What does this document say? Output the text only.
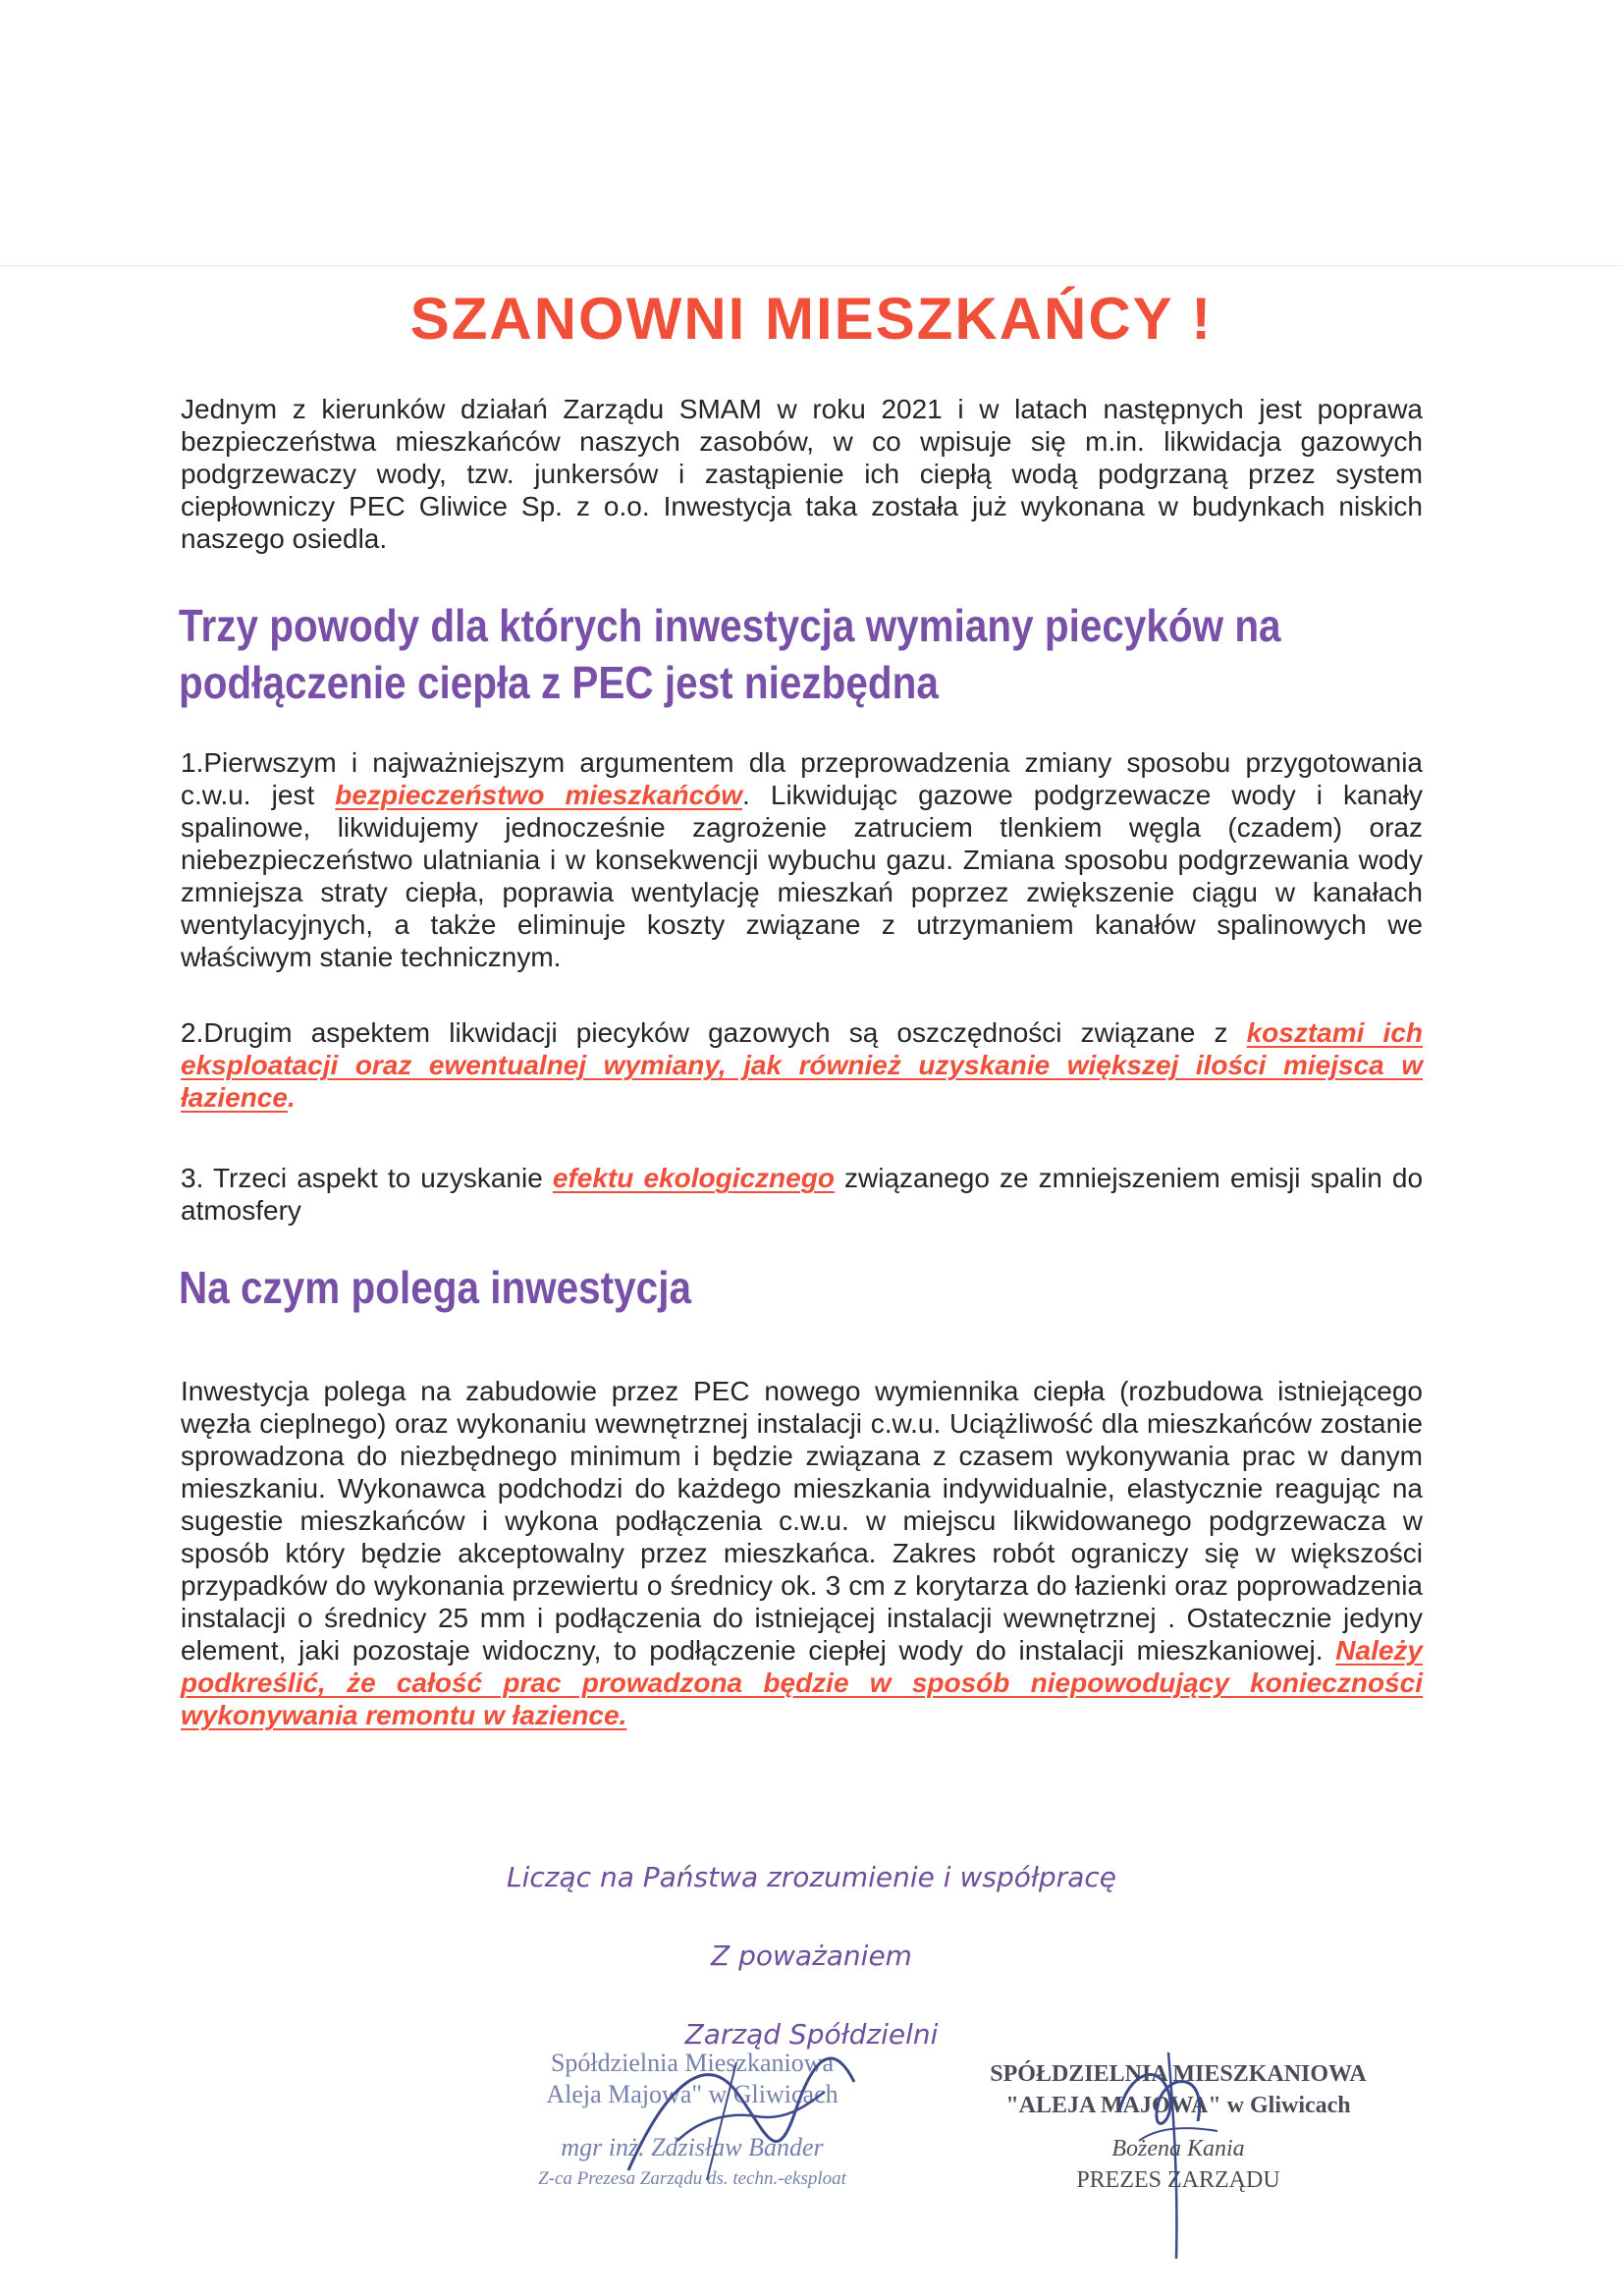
SZANOWNI MIESZKAŃCY !
Jednym z kierunków działań Zarządu SMAM w roku 2021 i w latach następnych jest poprawa bezpieczeństwa mieszkańców naszych zasobów, w co wpisuje się m.in. likwidacja gazowych podgrzewaczy wody, tzw. junkersów i zastąpienie ich ciepłą wodą podgrzaną przez system ciepłowniczy PEC Gliwice Sp. z o.o. Inwestycja taka została już wykonana w budynkach niskich naszego osiedla.
Trzy powody dla których inwestycja wymiany piecyków na podłączenie ciepła z PEC jest niezbędna
1.Pierwszym i najważniejszym argumentem dla przeprowadzenia zmiany sposobu przygotowania c.w.u. jest bezpieczeństwo mieszkańców. Likwidując gazowe podgrzewacze wody i kanały spalinowe, likwidujemy jednocześnie zagrożenie zatruciem tlenkiem węgla (czadem) oraz niebezpieczeństwo ulatniania i w konsekwencji wybuchu gazu. Zmiana sposobu podgrzewania wody zmniejsza straty ciepła, poprawia wentylację mieszkań poprzez zwiększenie ciągu w kanałach wentylacyjnych, a także eliminuje koszty związane z utrzymaniem kanałów spalinowych we właściwym stanie technicznym.
2.Drugim aspektem likwidacji piecyków gazowych są oszczędności związane z kosztami ich eksploatacji oraz ewentualnej wymiany, jak również uzyskanie większej ilości miejsca w łazience.
3. Trzeci aspekt to uzyskanie efektu ekologicznego związanego ze zmniejszeniem emisji spalin do atmosfery
Na czym polega inwestycja
Inwestycja polega na zabudowie przez PEC nowego wymiennika ciepła (rozbudowa istniejącego węzła cieplnego) oraz wykonaniu wewnętrznej instalacji c.w.u. Uciążliwość dla mieszkańców zostanie sprowadzona do niezbędnego minimum i będzie związana z czasem wykonywania prac w danym mieszkaniu. Wykonawca podchodzi do każdego mieszkania indywidualnie, elastycznie reagując na sugestie mieszkańców i wykona podłączenia c.w.u. w miejscu likwidowanego podgrzewacza w sposób który będzie akceptowalny przez mieszkańca. Zakres robót ograniczy się w większości przypadków do wykonania przewiertu o średnicy ok. 3 cm z korytarza do łazienki oraz poprowadzenia instalacji o średnicy 25 mm i podłączenia do istniejącej instalacji wewnętrznej . Ostatecznie jedyny element, jaki pozostaje widoczny, to podłączenie ciepłej wody do instalacji mieszkaniowej. Należy podkreślić, że całość prac prowadzona będzie w sposób niepowodujący konieczności wykonywania remontu w łazience.
Licząc na Państwa zrozumienie i współpracę
Z poważaniem
Zarząd Spółdzielni
Spółdzielnia Mieszkaniowa
Aleja Majowa" w Gliwicach
mgr inż. Zdzisław Bander
Z-ca Prezesa Zarządu ds. techn.-eksploat
SPÓŁDZIELNIA MIESZKANIOWA
"ALEJA MAJOWA" w Gliwicach
Bożena Kania
PREZES ZARZĄDU
